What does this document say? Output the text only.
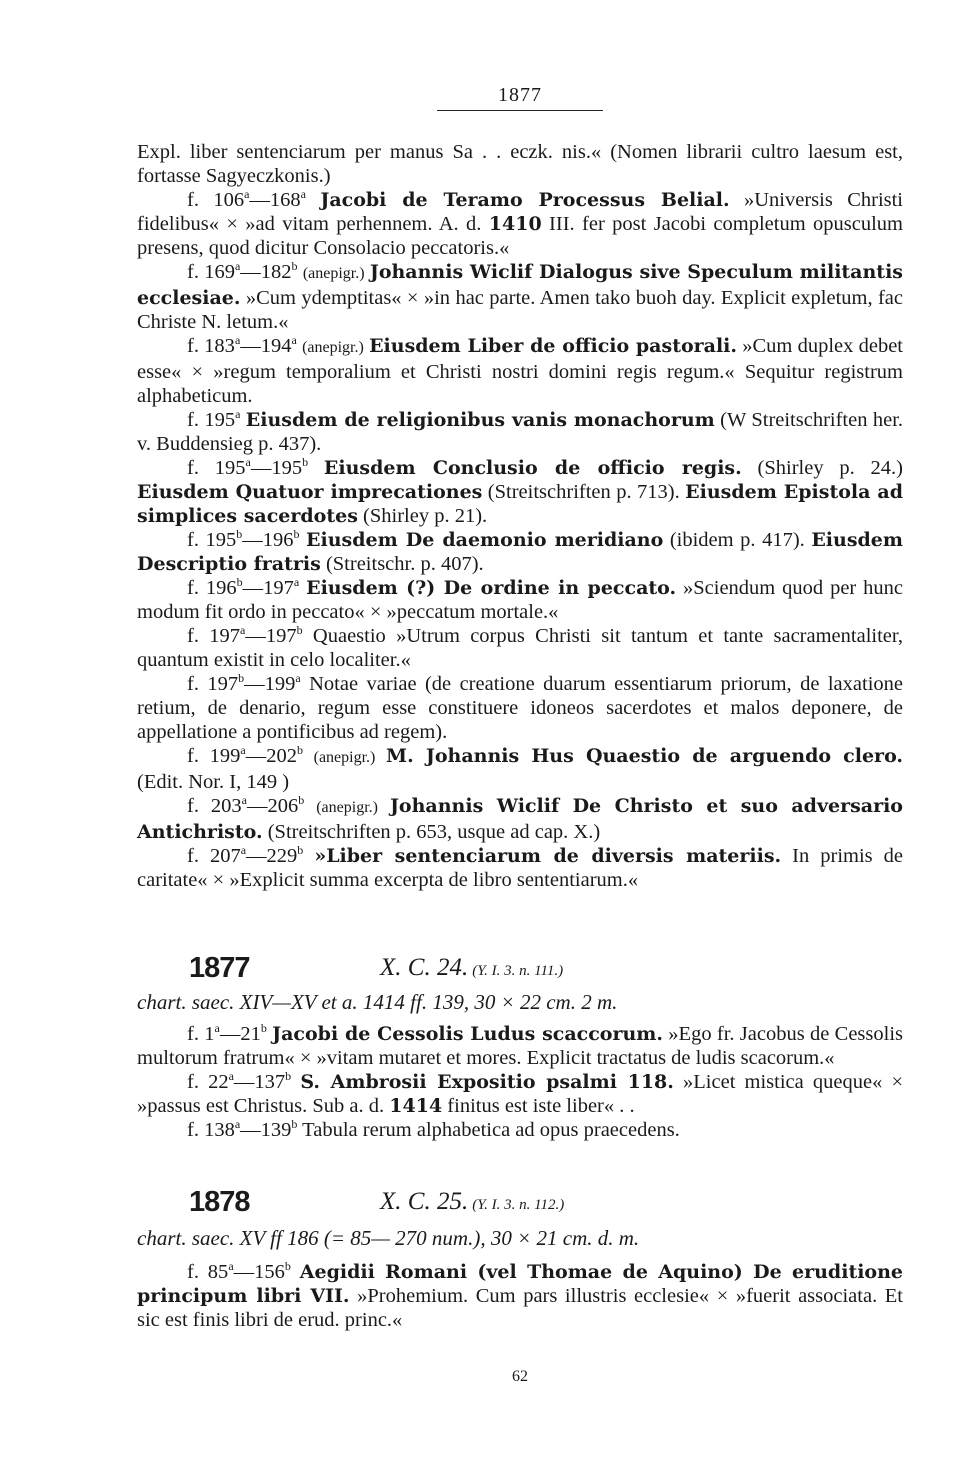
1877

Expl. liber sentenciarum per manus Sa . . eczk. nis.« (Nomen librarii cultro laesum est, fortasse Sagyeczkonis.)

f. 106$^a$—168$^a$ Jacobi de Teramo Processus Belial. »Universis Christi fidelibus« × »ad vitam perhennem. A. d. 1410 III. fer post Jacobi completum opusculum presens, quod dicitur Consolacio peccatoris.«

f. 169$^a$—182$^b$ (anepigr.) Johannis Wiclif Dialogus sive Speculum militantis ecclesiae. »Cum ydemptitas« × »in hac parte. Amen tako buoh day. Explicit expletum, fac Christe N. letum.«

f. 183$^a$—194$^a$ (anepigr.) Eiusdem Liber de officio pastorali. »Cum duplex debet esse« × »regum temporalium et Christi nostri domini regis regum.« Sequitur registrum alphabeticum.

f. 195$^a$ Eiusdem de religionibus vanis monachorum (W Streitschriften her. v. Buddensieg p. 437).

f. 195$^a$—195$^b$ Eiusdem Conclusio de officio regis. (Shirley p. 24.) Eiusdem Quatuor imprecationes (Streitschriften p. 713). Eiusdem Epistola ad simplices sacerdotes (Shirley p. 21).

f. 195$^b$—196$^b$ Eiusdem De daemonio meridiano (ibidem p. 417). Eiusdem Descriptio fratris (Streitschr. p. 407).

f. 196$^b$—197$^a$ Eiusdem (?) De ordine in peccato. »Sciendum quod per hunc modum fit ordo in peccato« × »peccatum mortale.«

f. 197$^a$—197$^b$ Quaestio »Utrum corpus Christi sit tantum et tante sacramentaliter, quantum existit in celo localiter.«

f. 197$^b$—199$^a$ Notae variae (de creatione duarum essentiarum priorum, de laxatione retium, de denario, regum esse constituere idoneos sacerdotes et malos deponere, de appellatione a pontificibus ad regem).

f. 199$^a$—202$^b$ (anepigr.) M. Johannis Hus Quaestio de arguendo clero. (Edit. Nor. I, 149 )

f. 203$^a$—206$^b$ (anepigr.) Johannis Wiclif De Christo et suo adversario Antichristo. (Streitschriften p. 653, usque ad cap. X.)

f. 207$^a$—229$^b$ »Liber sentenciarum de diversis materiis. In primis de caritate« × »Explicit summa excerpta de libro sententiarum.«

1877	X. C. 24. (Y. I. 3. n. 111.)
chart. saec. XIV—XV et a. 1414 ff. 139, 30 × 22 cm. 2 m.

f. 1$^a$—21$^b$ Jacobi de Cessolis Ludus scaccorum. »Ego fr. Jacobus de Cessolis multorum fratrum« × »vitam mutaret et mores. Explicit tractatus de ludis scacorum.«

f. 22$^a$—137$^b$ S. Ambrosii Expositio psalmi 118. »Licet mistica queque« × »passus est Christus. Sub a. d. 1414 finitus est iste liber« . .

f. 138$^a$—139$^b$ Tabula rerum alphabetica ad opus praecedens.

1878	X. C. 25. (Y. I. 3. n. 112.)
chart. saec. XV ff 186 (= 85— 270 num.), 30 × 21 cm. d. m.

f. 85$^a$—156$^b$ Aegidii Romani (vel Thomae de Aquino) De eruditione principum libri VII. »Prohemium. Cum pars illustris ecclesie« × »fuerit associata. Et sic est finis libri de erud. princ.«

62
